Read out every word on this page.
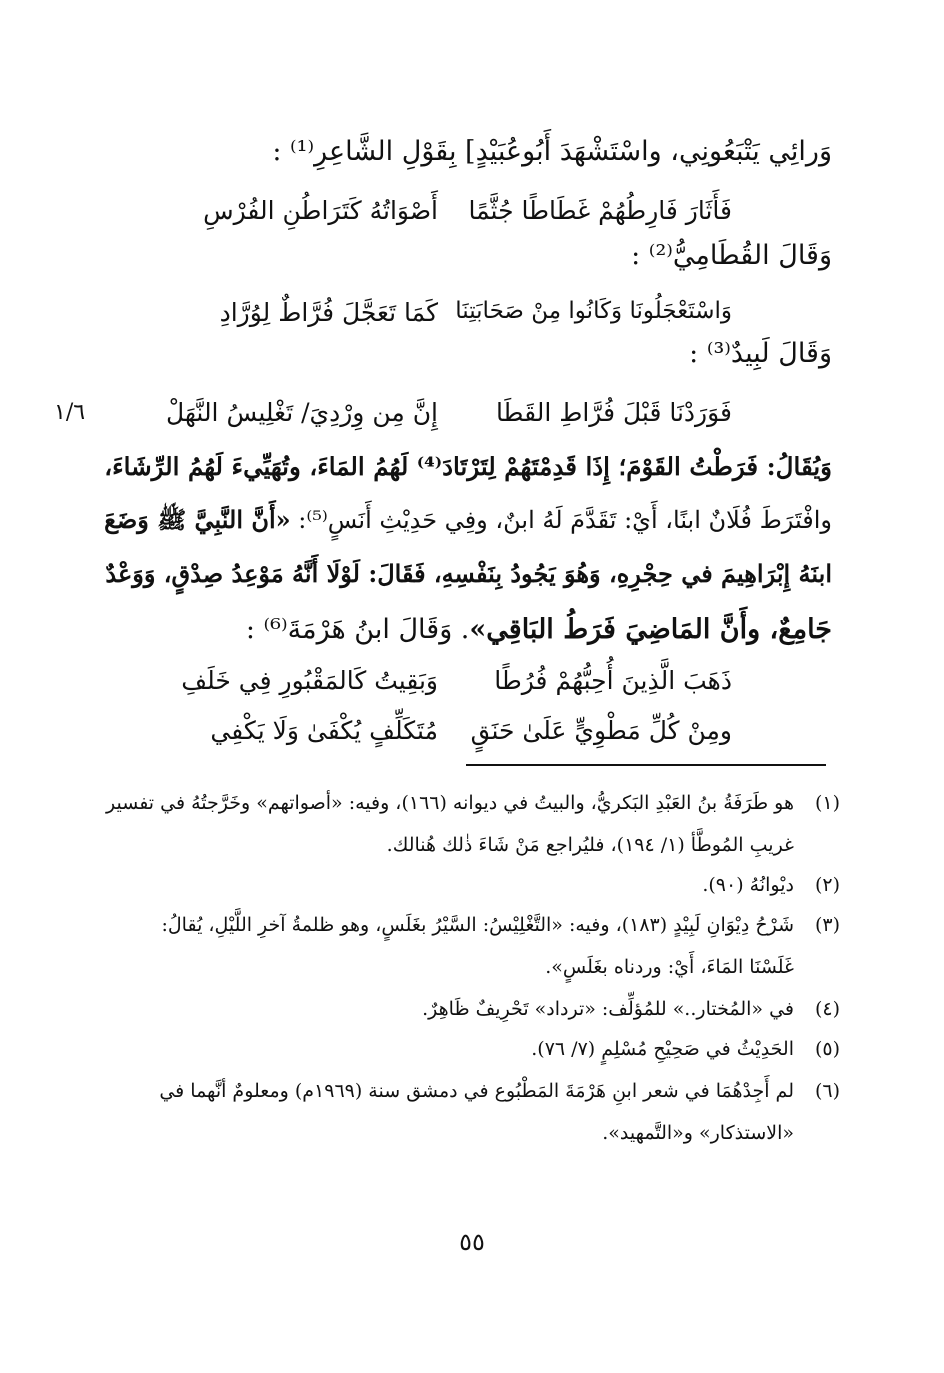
وَرائِي يَتْبَعُونِي، واسْتَشْهَدَ أَبُوعُبَيْدٍ] بِقَوْلِ الشَّاعِرِ⁽¹⁾ :
فَأَثَارَ فَارِطُهُمْ غَطَاطًا جُثَّمًا
أَصْوَاتُهُ كَتَرَاطُنِ الفُرْسِ
وَقَالَ القُطَامِيُّ⁽²⁾ :
وَاسْتَعْجَلُونَا وَكَانُوا مِنْ صَحَابَتِنَا
كَمَا تَعَجَّلَ فُرَّاطٌ لِوُرَّادِ
وَقَالَ لَبِيدٌ⁽³⁾ :
فَوَرَدْنَا قَبْلَ فُرَّاطِ القَطَا
إِنَّ مِن وِرْدِيَ/ تَغْلِيسُ النَّهَلْ
١/٦
وَيُقَالُ: فَرَطْتُ القَوْمَ؛ إِذَا قَدِمْتَهُمْ لِتَرْتَادَ⁽⁴⁾ لَهُمُ المَاءَ، وتُهَيِّيءَ لَهُمُ الرِّشَاءَ،
وافْتَرَطَ فُلَانٌ ابنًا، أَيْ: تَقَدَّمَ لَهُ ابنٌ، وفِي حَدِيْثِ أَنَسٍ⁽⁵⁾: «أَنَّ النَّبِيَّ ﷺ وَضَعَ
ابنَهُ إِبْرَاهِيمَ في حِجْرِهِ، وَهُوَ يَجُودُ بِنَفْسِهِ، فَقَالَ: لَوْلَا أَنَّهُ مَوْعِدُ صِدْقٍ، وَوَعْدٌ
جَامِعٌ، وأَنَّ المَاضِيَ فَرَطُ البَاقِي». وَقَالَ ابنُ هَرْمَةَ⁽⁶⁾ :
ذَهَبَ الَّذِينَ أُحِبُّهُمْ فُرُطًا
وَبَقِيتُ كَالمَقْبُورِ فِي خَلَفِ
ومِنْ كُلِّ مَطْوِيٍّ عَلَىٰ حَنَقٍ
مُتَكَلِّفٍ يُكْفَىٰ وَلَا يَكْفِي
(١)
هو طَرَفَةُ بنُ العَبْدِ البَكريُّ، والبيتُ في ديوانه (١٦٦)، وفيه: «أصواتهم» وخَرَّجتُهُ في تفسير
غريبِ المُوطَّأ (١/ ١٩٤)، فليُراجع مَنْ شَاءَ ذٰلك هُنالك.
(٢)
ديْوانُهُ (٩٠).
(٣)
شَرْحُ دِيْوَانِ لَبِيْدٍ (١٨٣)، وفيه: «التَّغْلِيْسُ: السَّيْرُ بغَلَسٍ، وهو ظلمةُ آخرِ اللَّيْلِ، يُقالُ:
غَلَسْنَا المَاءَ، أَيْ: وردناه بغَلَسٍ».
(٤)
في «المُختار..» للمُؤلِّف: «ترداد» تَحْرِيفٌ ظَاهِرٌ.
(٥)
الحَدِيْثُ في صَحِيْحِ مُسْلِمٍ (٧/ ٧٦).
(٦)
لم أَجِدْهُمَا في شعر ابنِ هَرْمَةَ المَطْبُوع في دمشق سنة (١٩٦٩م) ومعلومٌ أنَّهما في
«الاستذكار» و«التَّمهيد».
٥٥
